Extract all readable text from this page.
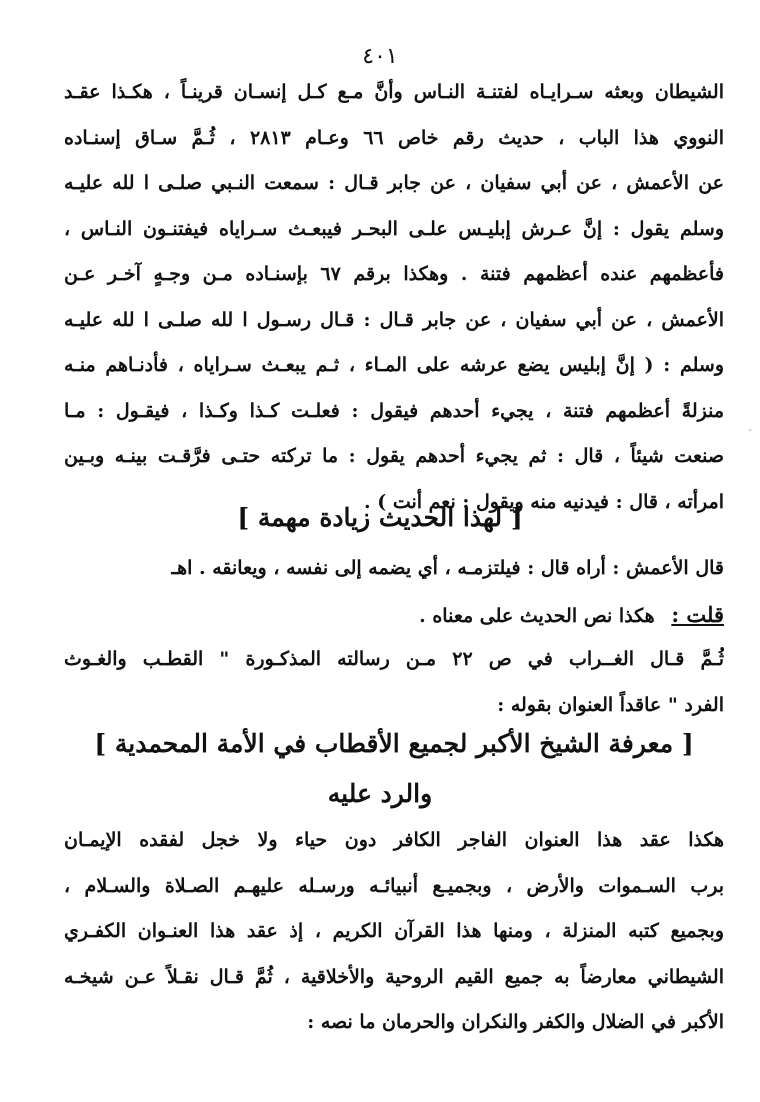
٤٠١
الشيطان وبعثه سـرايـاه لفتنـة النـاس وأنَّ مـع كـل إنسـان قرينـاً ، هكـذا عقـد
النووي هذا الباب ، حديث رقم خاص ٦٦ وعـام ٢٨١٣ ، ثُـمَّ سـاق إسنـاده
عن الأعمش ، عن أبي سفيان ، عن جابر قـال : سمعت النـبي صلـى ا لله عليـه
وسلم يقول : إنَّ عـرش إبليـس علـى البحـر فيبعـث سـراياه فيفتنـون النـاس ،
فأعظمهم عنده أعظمهم فتنة . وهكذا برقم ٦٧ بإسنـاده مـن وجـهٍ آخـر عـن
الأعمش ، عن أبي سفيان ، عن جابر قـال : قـال رسـول ا لله صلـى ا لله عليـه
وسلم : ( إنَّ إبليس يضع عرشه على المـاء ، ثـم يبعـث سـراياه ، فأدنـاهم منـه
منزلةً أعظمهم فتنة ، يجيء أحدهم فيقول : فعلـت كـذا وكـذا ، فيقـول : مـا
صنعت شيئاً ، قال : ثم يجيء أحدهم يقول : ما تركته حتـى فرَّقـت بينـه وبـين
امرأته ، قال : فيدنيه منه ويقول : نعم أنت ) .
[ لهذا الحديث زيادة مهمة ]
قال الأعمش : أراه قال : فيلتزمـه ، أي يضمه إلى نفسه ، ويعانقه . اهـ
قلت : هكذا نص الحديث على معناه .
ثُـمَّ قـال الغــراب في ص ٢٢ مـن رسالته المذكـورة " القطـب والغـوث
الفرد " عاقداً العنوان بقوله :
[ معرفة الشيخ الأكبر لجميع الأقطاب في الأمة المحمدية ]
والرد عليه
هكذا عقد هذا العنوان الفاجر الكافر دون حياء ولا خجل لفقده الإيمـان
برب السـموات والأرض ، وبجميـع أنبيائـه ورسـله عليهـم الصـلاة والسـلام ،
وبجميع كتبه المنزلة ، ومنها هذا القرآن الكريم ، إذ عقد هذا العنـوان الكفـري
الشيطاني معارضاً به جميع القيم الروحية والأخلاقية ، ثُمَّ قـال نقـلاً عـن شيخـه
الأكبر في الضلال والكفر والنكران والحرمان ما نصه :
-
